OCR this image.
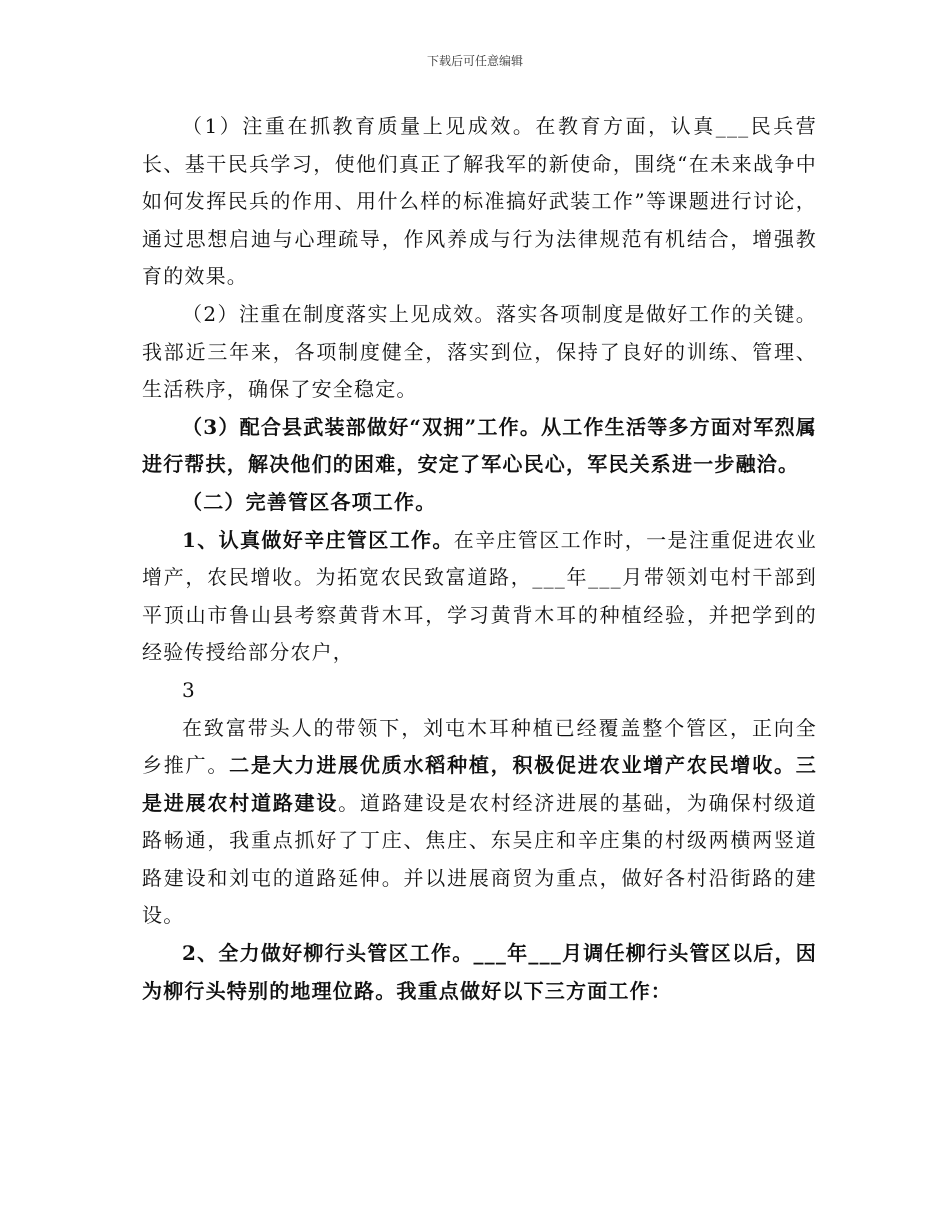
下载后可任意编辑

（1）注重在抓教育质量上见成效。在教育方面，认真___民兵营长、基干民兵学习，使他们真正了解我军的新使命，围绕“在未来战争中如何发挥民兵的作用、用什么样的标准搞好武装工作”等课题进行讨论，通过思想启迪与心理疏导，作风养成与行为法律规范有机结合，增强教育的效果。

（2）注重在制度落实上见成效。落实各项制度是做好工作的关键。我部近三年来，各项制度健全，落实到位，保持了良好的训练、管理、生活秩序，确保了安全稳定。

（3）配合县武装部做好“双拥”工作。从工作生活等多方面对军烈属进行帮扶，解决他们的困难，安定了军心民心，军民关系进一步融洽。

（二）完善管区各项工作。

1、认真做好辛庄管区工作。在辛庄管区工作时，一是注重促进农业增产，农民增收。为拓宽农民致富道路，___年___月带领刘屯村干部到平顶山市鲁山县考察黄背木耳，学习黄背木耳的种植经验，并把学到的经验传授给部分农户，

3

在致富带头人的带领下，刘屯木耳种植已经覆盖整个管区，正向全乡推广。二是大力进展优质水稻种植，积极促进农业增产农民增收。三是进展农村道路建设。道路建设是农村经济进展的基础，为确保村级道路畅通，我重点抓好了丁庄、焦庄、东吴庄和辛庄集的村级两横两竖道路建设和刘屯的道路延伸。并以进展商贸为重点，做好各村沿街路的建设。

2、全力做好柳行头管区工作。___年___月调任柳行头管区以后，因为柳行头特别的地理位路。我重点做好以下三方面工作：
